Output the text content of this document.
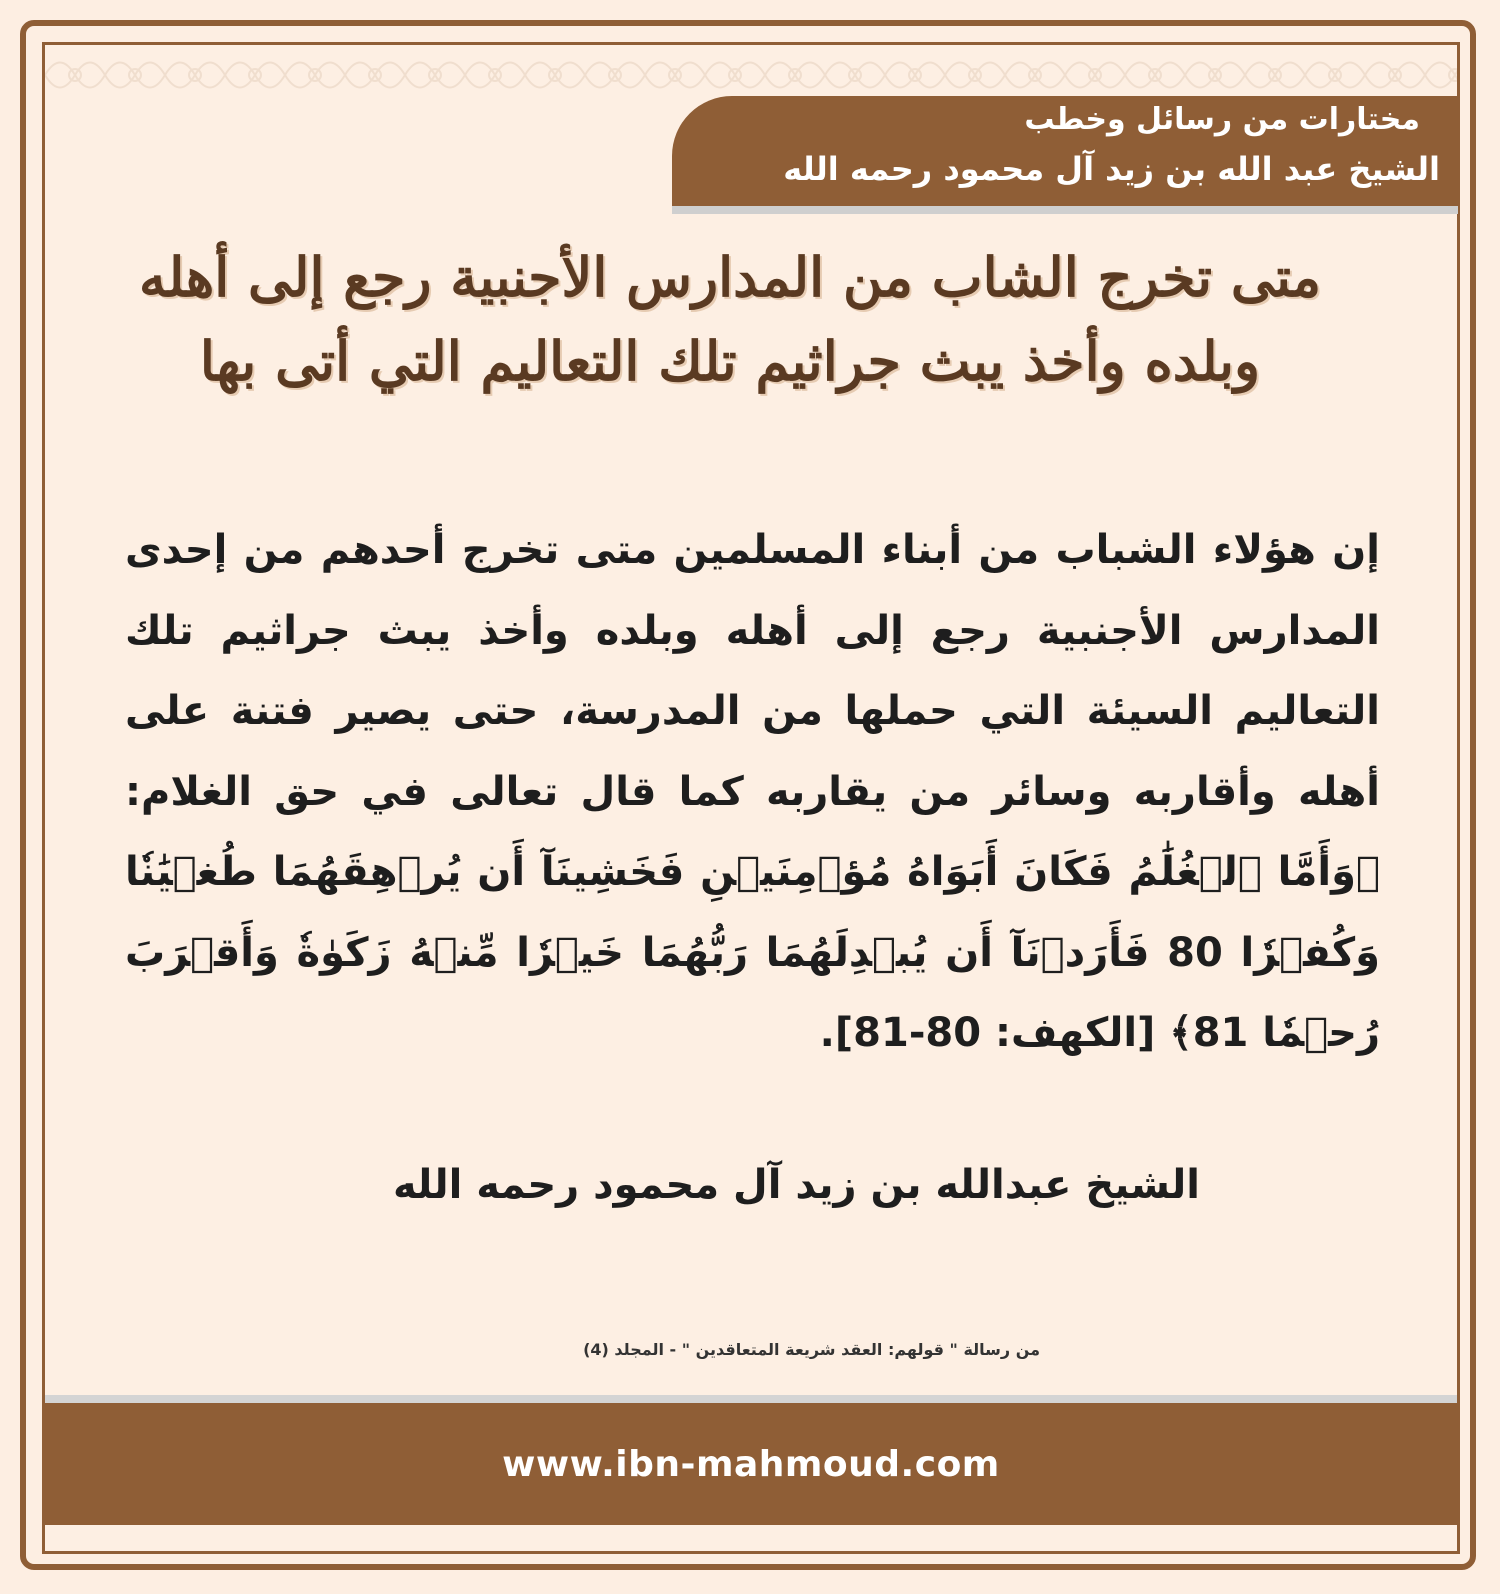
مختارات من رسائل وخطب
الشيخ عبد الله بن زيد آل محمود رحمه الله
متى تخرج الشاب من المدارس الأجنبية رجع إلى أهله وبلده وأخذ يبث جراثيم تلك التعاليم التي أتى بها
إن هؤلاء الشباب من أبناء المسلمين متى تخرج أحدهم من إحدى المدارس الأجنبية رجع إلى أهله وبلده وأخذ يبث جراثيم تلك التعاليم السيئة التي حملها من المدرسة، حتى يصير فتنة على أهله وأقاربه وسائر من يقاربه كما قال تعالى في حق الغلام: ﴿وَأَمَّا ٱلۡغُلَٰمُ فَكَانَ أَبَوَاهُ مُؤۡمِنَيۡنِ فَخَشِينَآ أَن يُرۡهِقَهُمَا طُغۡيَٰنٗا وَكُفۡرٗا 80 فَأَرَدۡنَآ أَن يُبۡدِلَهُمَا رَبُّهُمَا خَيۡرٗا مِّنۡهُ زَكَوٰةٗ وَأَقۡرَبَ رُحۡمٗا 81﴾ [الكهف: 80-81].
الشيخ عبدالله بن زيد آل محمود رحمه الله
من رسالة " قولهم: العقد شريعة المتعاقدين " - المجلد (4)
www.ibn-mahmoud.com
